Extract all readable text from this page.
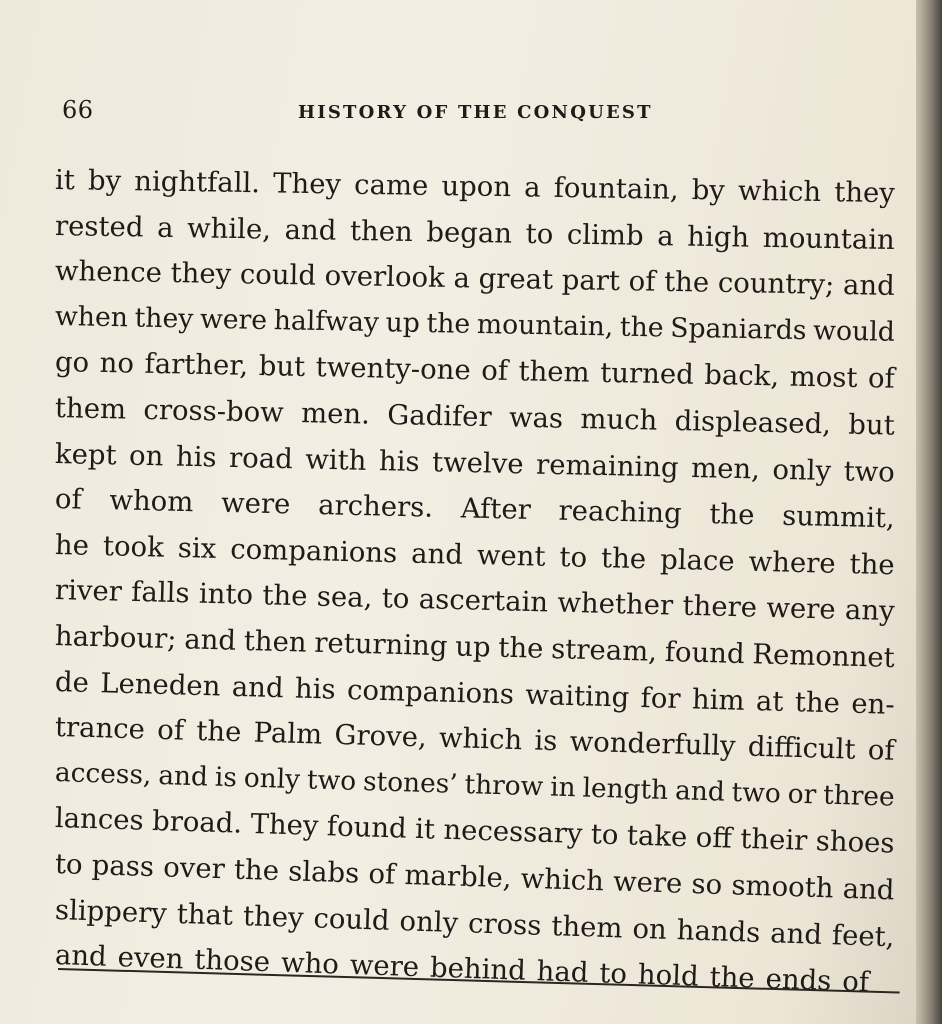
66	HISTORY OF THE CONQUEST
it by nightfall. They came upon a fountain, by which they
rested a while, and then began to climb a high mountain
whence they could overlook a great part of the country; and
when they were halfway up the mountain, the Spaniards would
go no farther, but twenty-one of them turned back, most of
them cross-bow men. Gadifer was much displeased, but
kept on his road with his twelve remaining men, only two
of whom were archers. After reaching the summit,
he took six companions and went to the place where the
river falls into the sea, to ascertain whether there were any
harbour; and then returning up the stream, found Remonnet
de Leneden and his companions waiting for him at the en-
trance of the Palm Grove, which is wonderfully difficult of
access, and is only two stones’ throw in length and two or three
lances broad. They found it necessary to take off their shoes
to pass over the slabs of marble, which were so smooth and
slippery that they could only cross them on hands and feet,
and even those who were behind had to hold the ends of
